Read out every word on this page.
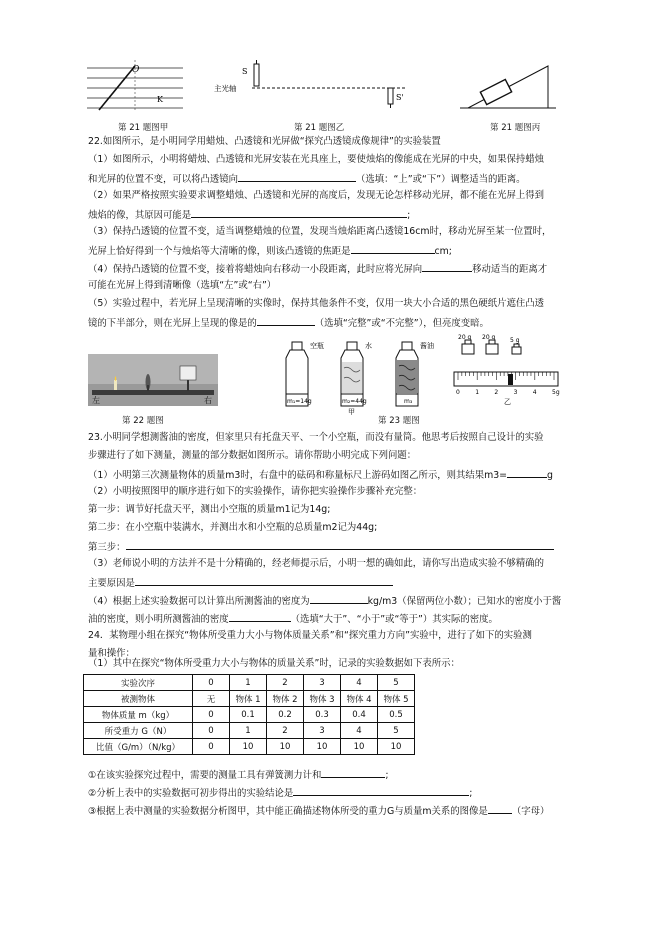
O
K
S
主光轴
S'
第 21 题图甲	第 21 题图乙	第 21 题图丙
22.如图所示，是小明同学用蜡烛、凸透镜和光屏做“探究凸透镜成像规律”的实验装置
（1）如图所示，小明将蜡烛、凸透镜和光屏安装在光具座上，要使烛焰的像能成在光屏的中央，如果保持蜡烛
和光屏的位置不变，可以将凸透镜向	（选填：“上”或“下”）调整适当的距离。
（2）如果严格按照实验要求调整蜡烛、凸透镜和光屏的高度后，发现无论怎样移动光屏，都不能在光屏上得到
烛焰的像，其原因可能是	;
（3）保持凸透镜的位置不变，适当调整蜡烛的位置，发现当烛焰距离凸透镜16cm时，移动光屏至某一位置时，
光屏上恰好得到一个与烛焰等大清晰的像，则该凸透镜的焦距是	cm;
（4）保持凸透镜的位置不变，接着将蜡烛向右移动一小段距离，此时应将光屏向	移动适当的距离才
可能在光屏上得到清晰像（选填“左”或“右”）
（5）实验过程中，若光屏上呈现清晰的实像时，保持其他条件不变，仅用一块大小合适的黑色硬纸片遮住凸透
镜的下半部分，则在光屏上呈现的像是的	（选填“完整”或“不完整”），但亮度变暗。
左	右
空瓶
m₁=14g
水
m₂=44g
甲
酱油
m₃
20 g 20 g 5 g
0	1	2	3	4	5g
乙
第 22 题图	第 23 题图
23.小明同学想测酱油的密度，但家里只有托盘天平、一个小空瓶，而没有量筒。他思考后按照自己设计的实验
步骤进行了如下测量，测量的部分数据如图所示。请你帮助小明完成下列问题：
（1）小明第三次测量物体的质量m3时，右盘中的砝码和称量标尺上游码如图乙所示，则其结果m3=	g
（2）小明按照图甲的顺序进行如下的实验操作，请你把实验操作步骤补充完整：
第一步：调节好托盘天平，测出小空瓶的质量m1记为14g;
第二步：在小空瓶中装满水，并测出水和小空瓶的总质量m2记为44g;
第三步：
（3）老师说小明的方法并不是十分精确的，经老师提示后，小明一想的确如此，请你写出造成实验不够精确的
主要原因是
（4）根据上述实验数据可以计算出所测酱油的密度为	kg/m3（保留两位小数）；已知水的密度小于酱
油的密度，则小明所测酱油的密度	（选填“大于”、“小于”或“等于”）其实际的密度。
24．某物理小组在探究“物体所受重力大小与物体质量关系”和“探究重力方向”实验中，进行了如下的实验测
量和操作：
（1）其中在探究“物体所受重力大小与物体的质量关系”时，记录的实验数据如下表所示：
实验次序	0	1	2	3	4	5
被测物体	无	物体 1	物体 2	物体 3	物体 4	物体 5
物体质量 m（kg）	0	0.1	0.2	0.3	0.4	0.5
所受重力 G（N）	0	1	2	3	4	5
比值（G/m）（N/kg）	0	10	10	10	10	10
①在该实验探究过程中，需要的测量工具有弹簧测力计和	;
②分析上表中的实验数据可初步得出的实验结论是	;
③根据上表中测量的实验数据分析图甲，其中能正确描述物体所受的重力G与质量m关系的图像是	（字母）
